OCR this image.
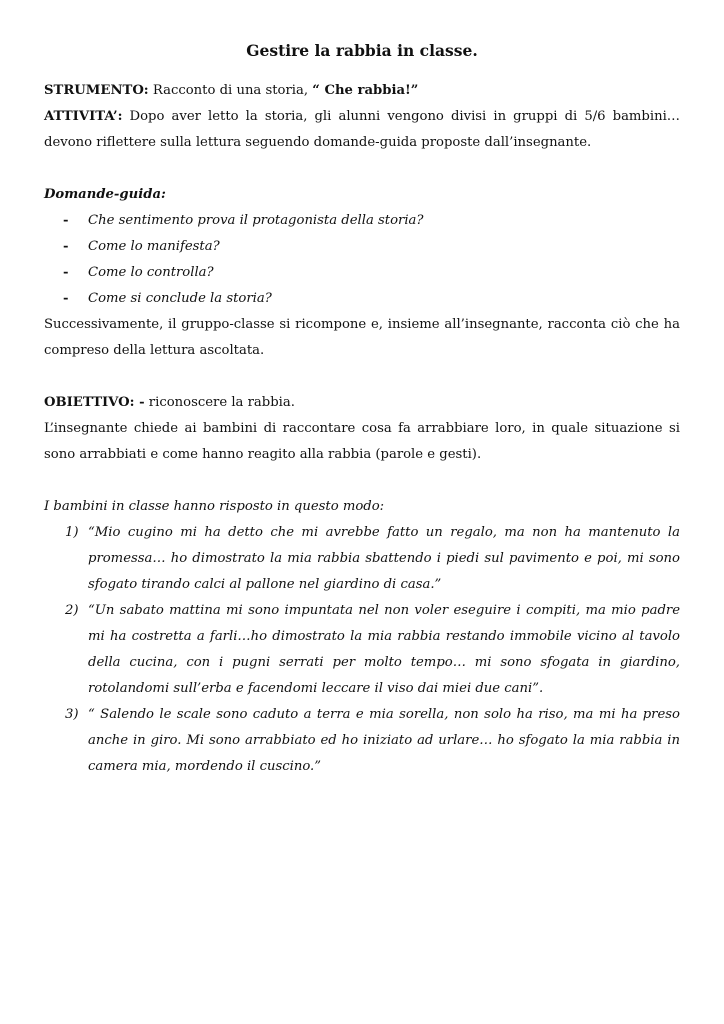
Gestire la rabbia in classe.

STRUMENTO: Racconto di una storia, “ Che rabbia!”

ATTIVITA’: Dopo aver letto la storia, gli alunni vengono divisi in gruppi di 5/6 bambini… devono riflettere sulla lettura seguendo domande-guida proposte dall’insegnante.

Domande-guida:

- Che sentimento prova il protagonista della storia?
- Come lo manifesta?
- Come lo controlla?
- Come si conclude la storia?

Successivamente, il gruppo-classe si ricompone e, insieme all’insegnante, racconta ciò che ha compreso della lettura ascoltata.

OBIETTIVO: - riconoscere la rabbia.

L’insegnante chiede ai bambini di raccontare cosa fa arrabbiare loro, in quale situazione si sono arrabbiati e come hanno reagito alla rabbia (parole e gesti).

I bambini in classe hanno risposto in questo modo:

1) “Mio cugino mi ha detto che mi avrebbe fatto un regalo, ma non ha mantenuto la promessa… ho dimostrato la mia rabbia sbattendo i piedi sul pavimento e poi, mi sono sfogato tirando calci al pallone nel giardino di casa.”
2) “Un sabato mattina mi sono impuntata nel non voler eseguire i compiti, ma mio padre mi ha costretta a farli…ho dimostrato la mia rabbia restando immobile vicino al tavolo della cucina, con i pugni serrati per molto tempo… mi sono sfogata in giardino, rotolandomi sull’erba e facendomi leccare il viso dai miei due cani”.
3) “ Salendo le scale sono caduto a terra e mia sorella, non solo ha riso, ma mi ha preso anche in giro. Mi sono arrabbiato ed ho iniziato ad urlare… ho sfogato la mia rabbia in camera mia, mordendo il cuscino.”
